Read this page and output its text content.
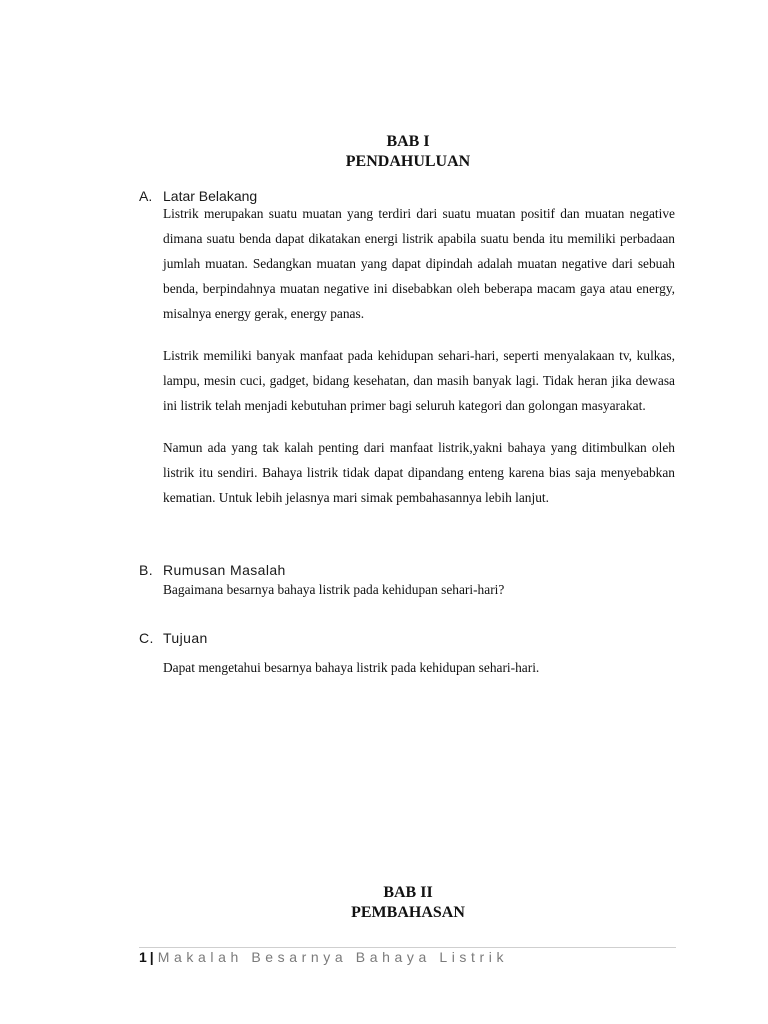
BAB I
PENDAHULUAN
A. Latar Belakang

Listrik merupakan suatu muatan yang terdiri dari suatu muatan positif dan muatan negative dimana suatu benda dapat dikatakan energi listrik apabila suatu benda itu memiliki perbadaan jumlah muatan. Sedangkan muatan yang dapat dipindah adalah muatan negative dari sebuah benda, berpindahnya muatan negative ini disebabkan oleh beberapa macam gaya atau energy, misalnya energy gerak, energy panas.

Listrik memiliki banyak manfaat pada kehidupan sehari-hari, seperti menyalakaan tv, kulkas, lampu, mesin cuci, gadget, bidang kesehatan, dan masih banyak lagi. Tidak heran jika dewasa ini listrik telah menjadi kebutuhan primer bagi seluruh kategori dan golongan masyarakat.

Namun ada yang tak kalah penting dari manfaat listrik,yakni bahaya yang ditimbulkan oleh listrik itu sendiri. Bahaya listrik tidak dapat dipandang enteng karena bias saja menyebabkan kematian. Untuk lebih jelasnya mari simak pembahasannya lebih lanjut.

B. Rumusan Masalah

Bagaimana besarnya bahaya listrik pada kehidupan sehari-hari?

C. Tujuan

Dapat mengetahui besarnya bahaya listrik pada kehidupan sehari-hari.

BAB II
PEMBAHASAN
1 | Makalah Besarnya Bahaya Listrik
